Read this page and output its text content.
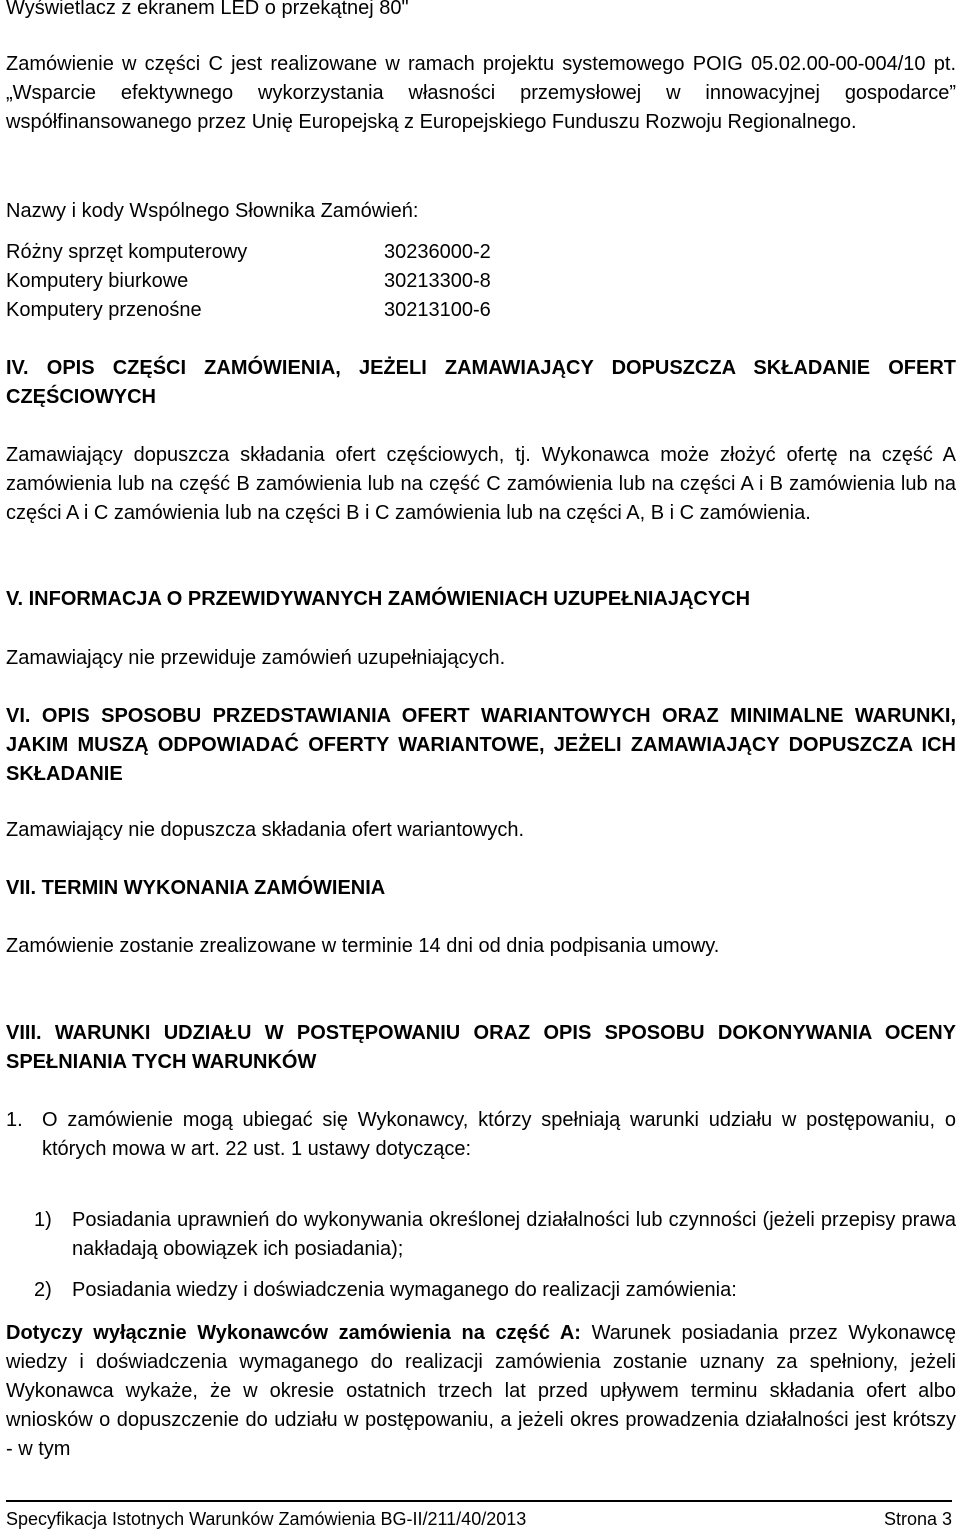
Wyświetlacz z ekranem LED o przekątnej 80"

Zamówienie w części C jest realizowane w ramach projektu systemowego POIG 05.02.00-00-004/10 pt. „Wsparcie efektywnego wykorzystania własności przemysłowej w innowacyjnej gospodarce” współfinansowanego przez Unię Europejską z Europejskiego Funduszu Rozwoju Regionalnego.

Nazwy i kody Wspólnego Słownika Zamówień:

Różny sprzęt komputerowy	30236000-2
Komputery biurkowe	30213300-8
Komputery przenośne	30213100-6

IV. OPIS CZĘŚCI ZAMÓWIENIA, JEŻELI ZAMAWIAJĄCY DOPUSZCZA SKŁADANIE OFERT CZĘŚCIOWYCH

Zamawiający dopuszcza składania ofert częściowych, tj. Wykonawca może złożyć ofertę na część A zamówienia lub na część B zamówienia lub na część C zamówienia lub na części A i B zamówienia lub na części A i C zamówienia lub na części B i C zamówienia lub na części A, B i C zamówienia.

V. INFORMACJA O PRZEWIDYWANYCH ZAMÓWIENIACH UZUPEŁNIAJĄCYCH

Zamawiający nie przewiduje zamówień uzupełniających.

VI. OPIS SPOSOBU PRZEDSTAWIANIA OFERT WARIANTOWYCH ORAZ MINIMALNE WARUNKI, JAKIM MUSZĄ ODPOWIADAĆ OFERTY WARIANTOWE, JEŻELI ZAMAWIAJĄCY DOPUSZCZA ICH SKŁADANIE

Zamawiający nie dopuszcza składania ofert wariantowych.

VII. TERMIN WYKONANIA ZAMÓWIENIA

Zamówienie zostanie zrealizowane w terminie 14 dni od dnia podpisania umowy.

VIII. WARUNKI UDZIAŁU W POSTĘPOWANIU ORAZ OPIS SPOSOBU DOKONYWANIA OCENY SPEŁNIANIA TYCH WARUNKÓW

1. O zamówienie mogą ubiegać się Wykonawcy, którzy spełniają warunki udziału w postępowaniu, o których mowa w art. 22 ust. 1 ustawy dotyczące:
1)	Posiadania uprawnień do wykonywania określonej działalności lub czynności (jeżeli przepisy prawa nakładają obowiązek ich posiadania);
2)	Posiadania wiedzy i doświadczenia wymaganego do realizacji zamówienia:

Dotyczy wyłącznie Wykonawców zamówienia na część A: Warunek posiadania przez Wykonawcę wiedzy i doświadczenia wymaganego do realizacji zamówienia zostanie uznany za spełniony, jeżeli Wykonawca wykaże, że w okresie ostatnich trzech lat przed upływem terminu składania ofert albo wniosków o dopuszczenie do udziału w postępowaniu, a jeżeli okres prowadzenia działalności jest krótszy - w tym

Specyfikacja Istotnych Warunków Zamówienia BG-II/211/40/2013	Strona 3
